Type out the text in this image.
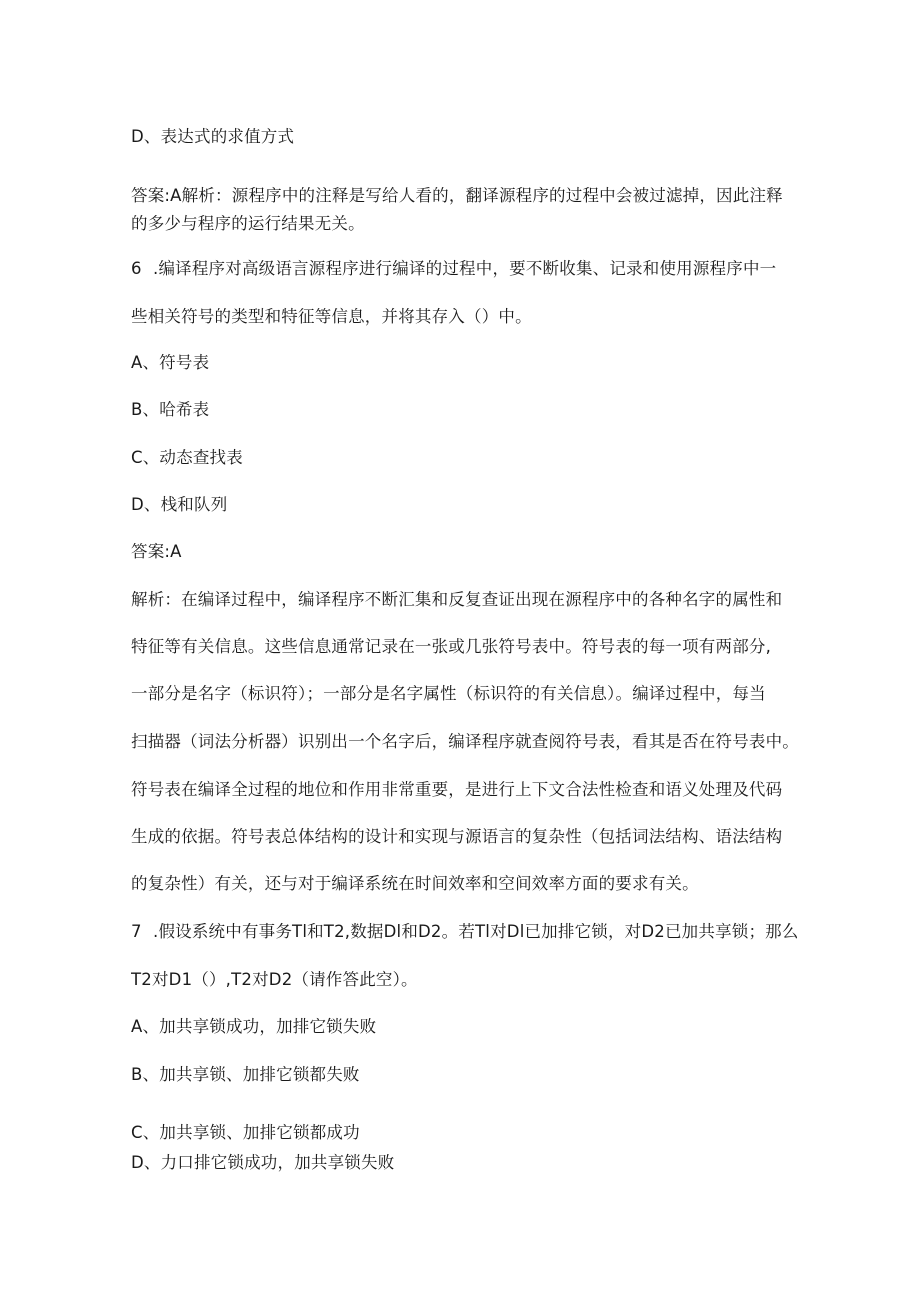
D、表达式的求值方式
答案:A解析：源程序中的注释是写给人看的，翻译源程序的过程中会被过滤掉，因此注释
的多少与程序的运行结果无关。
6 .编译程序对高级语言源程序进行编译的过程中，要不断收集、记录和使用源程序中一
些相关符号的类型和特征等信息，并将其存入（）中。
A、符号表
B、哈希表
C、动态查找表
D、栈和队列
答案:A
解析：在编译过程中，编译程序不断汇集和反复查证出现在源程序中的各种名字的属性和
特征等有关信息。这些信息通常记录在一张或几张符号表中。符号表的每一项有两部分,
一部分是名字（标识符）；一部分是名字属性（标识符的有关信息）。编译过程中，每当
扫描器（词法分析器）识别出一个名字后，编译程序就查阅符号表，看其是否在符号表中。
符号表在编译全过程的地位和作用非常重要，是进行上下文合法性检查和语义处理及代码
生成的依据。符号表总体结构的设计和实现与源语言的复杂性（包括词法结构、语法结构
的复杂性）有关，还与对于编译系统在时间效率和空间效率方面的要求有关。
7 .假设系统中有事务Tl和T2,数据Dl和D2。若Tl对Dl已加排它锁，对D2已加共享锁；那么
T2对D1（）,T2对D2（请作答此空）。
A、加共享锁成功，加排它锁失败
B、加共享锁、加排它锁都失败
C、加共享锁、加排它锁都成功
D、力口排它锁成功，加共享锁失败
